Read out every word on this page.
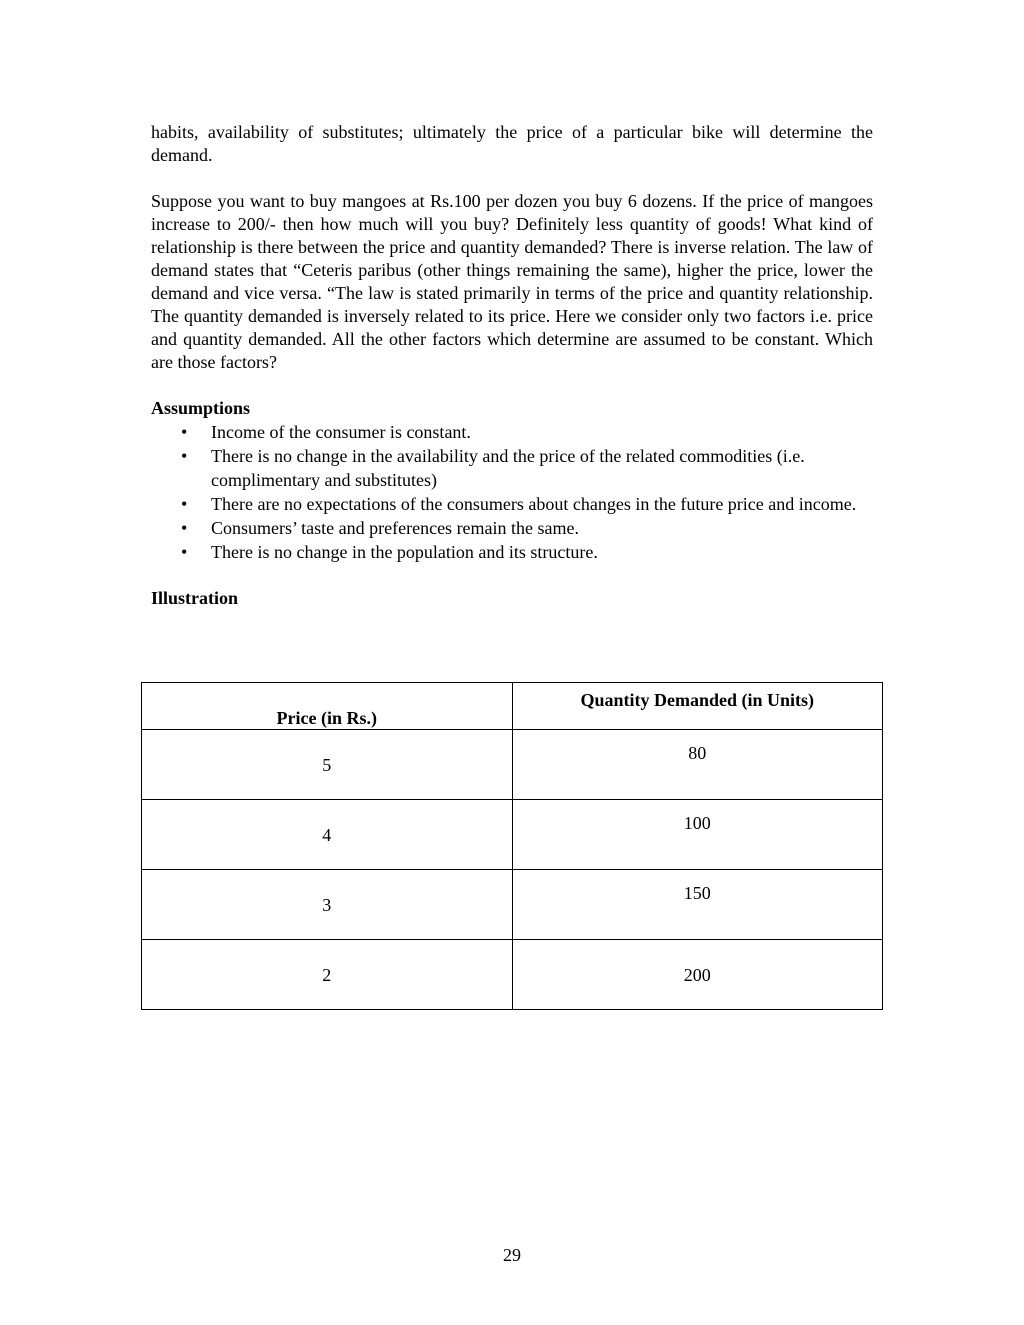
habits, availability of substitutes; ultimately the price of a particular bike will determine the demand.

Suppose you want to buy mangoes at Rs.100 per dozen you buy 6 dozens. If the price of mangoes increase to 200/- then how much will you buy? Definitely less quantity of goods! What kind of relationship is there between the price and quantity demanded? There is inverse relation. The law of demand states that “Ceteris paribus (other things remaining the same), higher the price, lower the demand and vice versa. “The law is stated primarily in terms of the price and quantity relationship. The quantity demanded is inversely related to its price. Here we consider only two factors i.e. price and quantity demanded. All the other factors which determine are assumed to be constant. Which are those factors?

Assumptions
• Income of the consumer is constant.
• There is no change in the availability and the price of the related commodities (i.e. complimentary and substitutes)
• There are no expectations of the consumers about changes in the future price and income.
• Consumers’ taste and preferences remain the same.
• There is no change in the population and its structure.
Illustration
Price (in Rs.)	Quantity Demanded (in Units)

5	80

4	100

3	150

2	200
29
